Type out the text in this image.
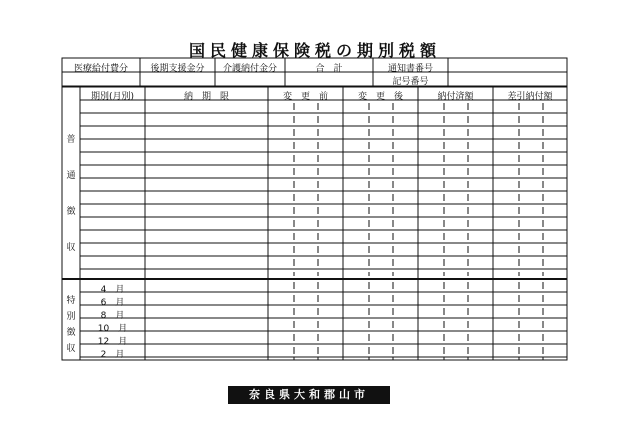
国民健康保険税の期別税額
医療給付費分	後期支援金分	介護納付金分	合　計	通知書番号
記号番号
期別(月別)	納　期　限	変　更　前	変　更　後	納付済額	差引納付額
普
通
徴
収
特
別
徴
収
4　月
6　月
8　月
10　月
12　月
2　月
奈良県大和郡山市
